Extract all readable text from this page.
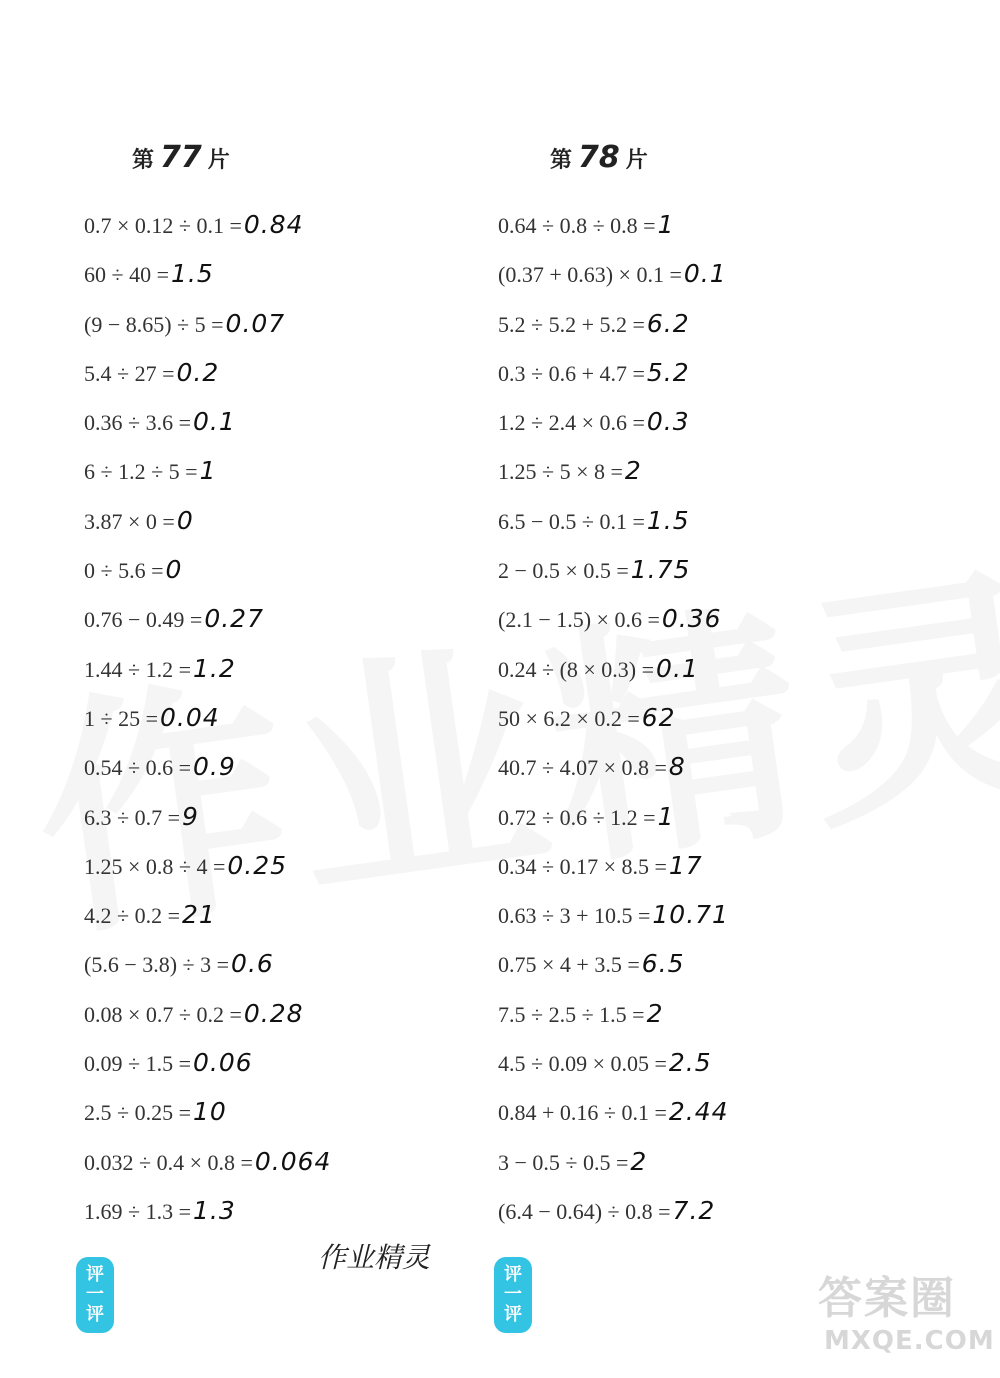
第 77 片	第 78 片
0.7 × 0.12 ÷ 0.1 =0.84
60 ÷ 40 =1.5
(9 − 8.65) ÷ 5 =0.07
5.4 ÷ 27 =0.2
0.36 ÷ 3.6 =0.1
6 ÷ 1.2 ÷ 5 =1
3.87 × 0 =0
0 ÷ 5.6 =0
0.76 − 0.49 =0.27
1.44 ÷ 1.2 =1.2
1 ÷ 25 =0.04
0.54 ÷ 0.6 =0.9
6.3 ÷ 0.7 =9
1.25 × 0.8 ÷ 4 =0.25
4.2 ÷ 0.2 =21
(5.6 − 3.8) ÷ 3 =0.6
0.08 × 0.7 ÷ 0.2 =0.28
0.09 ÷ 1.5 =0.06
2.5 ÷ 0.25 =10
0.032 ÷ 0.4 × 0.8 =0.064
1.69 ÷ 1.3 =1.3
0.64 ÷ 0.8 ÷ 0.8 =1
(0.37 + 0.63) × 0.1 =0.1
5.2 ÷ 5.2 + 5.2 =6.2
0.3 ÷ 0.6 + 4.7 =5.2
1.2 ÷ 2.4 × 0.6 =0.3
1.25 ÷ 5 × 8 =2
6.5 − 0.5 ÷ 0.1 =1.5
2 − 0.5 × 0.5 =1.75
(2.1 − 1.5) × 0.6 =0.36
0.24 ÷ (8 × 0.3) =0.1
50 × 6.2 × 0.2 =62
40.7 ÷ 4.07 × 0.8 =8
0.72 ÷ 0.6 ÷ 1.2 =1
0.34 ÷ 0.17 × 8.5 =17
0.63 ÷ 3 + 10.5 =10.71
0.75 × 4 + 3.5 =6.5
7.5 ÷ 2.5 ÷ 1.5 =2
4.5 ÷ 0.09 × 0.05 =2.5
0.84 + 0.16 ÷ 0.1 =2.44
3 − 0.5 ÷ 0.5 =2
(6.4 − 0.64) ÷ 0.8 =7.2
评
一
评
评
一
评
作业精灵
答案圈
MXQE.COM
